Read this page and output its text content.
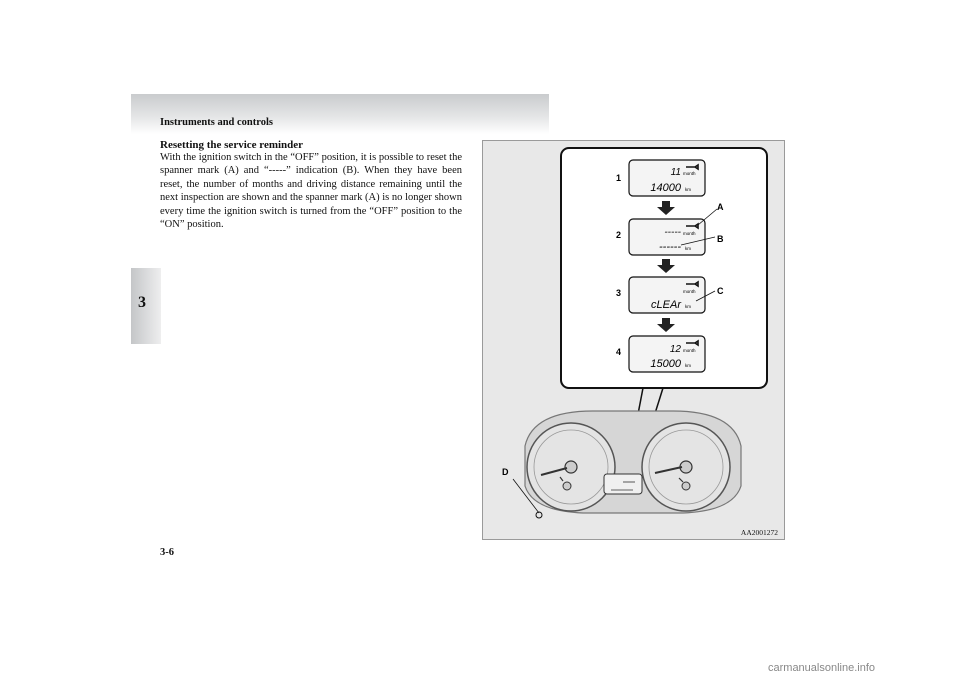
Instruments and controls
3
Resetting the service reminder
With the ignition switch in the “OFF” position, it is possible to reset the spanner mark (A) and “-----” indication (B). When they have been reset, the number of months and driving distance remaining until the next inspection are shown and the spanner mark (A) is no longer shown every time the ignition switch is turned from the “OFF” position to the “ON” position.
11 month
14000 km
1
----- month
------ km
2
A
B
month
cLEAr km
3	C
12 month
15000 km
4
D
AA2001272
3-6
carmanualsonline.info
